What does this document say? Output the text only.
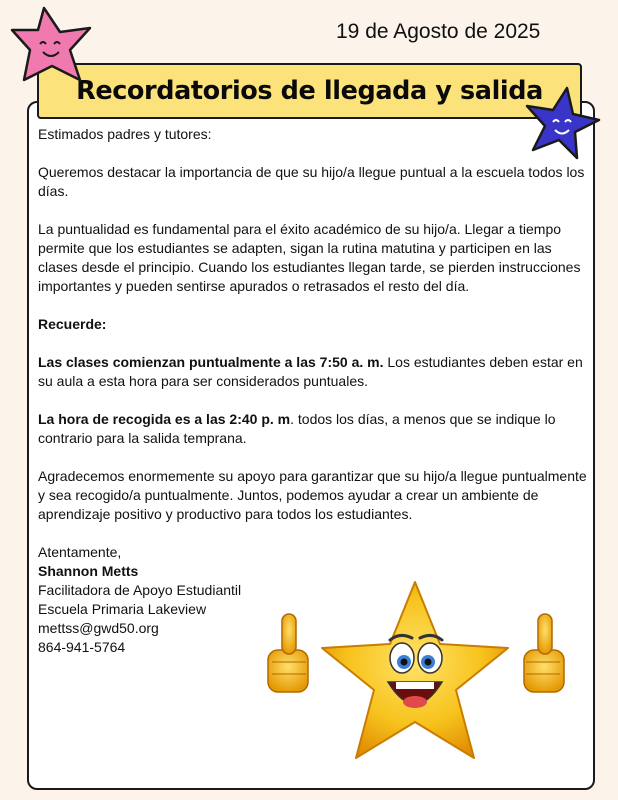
19 de Agosto de 2025
Recordatorios de llegada y salida

Estimados padres y tutores:

Queremos destacar la importancia de que su hijo/a llegue puntual a la escuela todos los días.

La puntualidad es fundamental para el éxito académico de su hijo/a. Llegar a tiempo permite que los estudiantes se adapten, sigan la rutina matutina y participen en las clases desde el principio. Cuando los estudiantes llegan tarde, se pierden instrucciones importantes y pueden sentirse apurados o retrasados el resto del día.

Recuerde:

Las clases comienzan puntualmente a las 7:50 a. m. Los estudiantes deben estar en su aula a esta hora para ser considerados puntuales.

La hora de recogida es a las 2:40 p. m. todos los días, a menos que se indique lo contrario para la salida temprana.

Agradecemos enormemente su apoyo para garantizar que su hijo/a llegue puntualmente y sea recogido/a puntualmente. Juntos, podemos ayudar a crear un ambiente de aprendizaje positivo y productivo para todos los estudiantes.

Atentamente,
Shannon Metts
Facilitadora de Apoyo Estudiantil
Escuela Primaria Lakeview
mettss@gwd50.org
864-941-5764
